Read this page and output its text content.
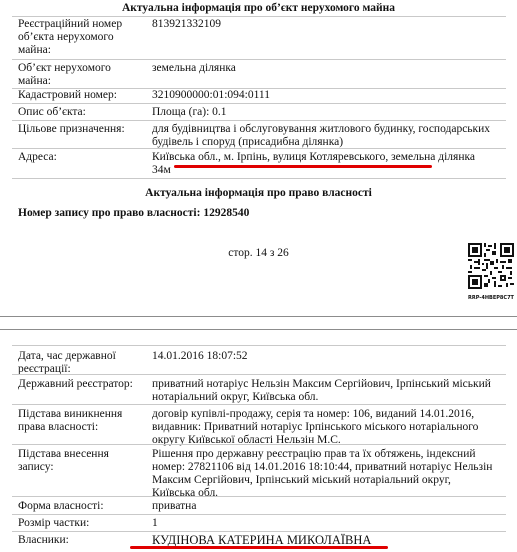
Актуальна інформація про об’єкт нерухомого майна
Реєстраційний номер об’єкта нерухомого майна:
813921332109
Об’єкт нерухомого майна:
земельна ділянка
Кадастровий номер:	3210900000:01:094:0111
Опис об’єкта:	Площа (га): 0.1
Цільове призначення:	для будівництва і обслуговування житлового будинку, господарських будівель і споруд (присадибна ділянка)
Адреса:	Київська обл., м. Ірпінь, вулиця Котляревського, земельна ділянка 34м
Актуальна інформація про право власності
Номер запису про право власності: 12928540
стор. 14 з 26
RRP-4HBEP8C7T
Дата, час державної реєстрації:
14.01.2016 18:07:52
Державний реєстратор:	приватний нотаріус Нельзін Максим Сергійович, Ірпінський міський нотаріальний округ, Київська обл.
Підстава виникнення права власності:
договір купівлі-продажу, серія та номер: 106, виданий 14.01.2016, видавник: Приватний нотаріус Ірпінського міського нотаріального округу Київської області Нельзін М.С.
Підстава внесення запису:
Рішення про державну реєстрацію прав та їх обтяжень, індексний номер: 27821106 від 14.01.2016 18:10:44, приватний нотаріус Нельзін Максим Сергійович, Ірпінський міський нотаріальний округ, Київська обл.
Форма власності:	приватна
Розмір частки:	1
Власники:	КУДІНОВА КАТЕРИНА МИКОЛАЇВНА
